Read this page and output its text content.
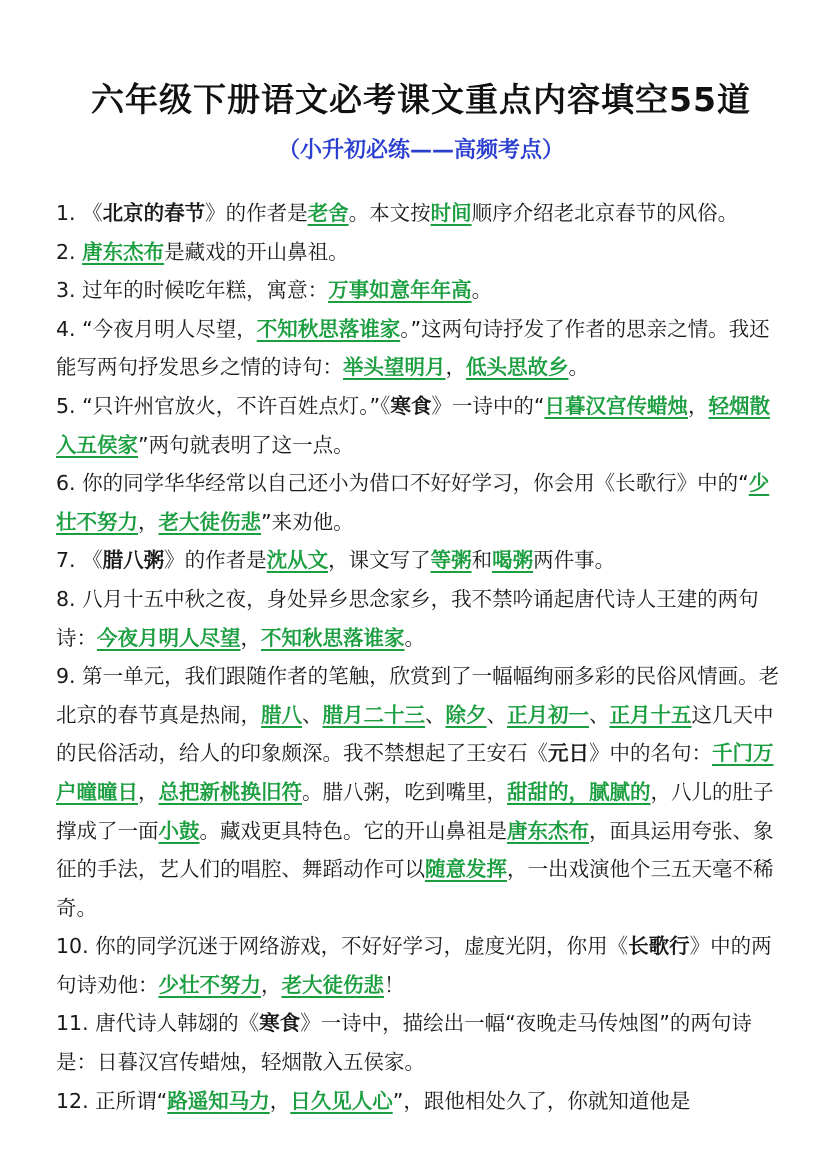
六年级下册语文必考课文重点内容填空55道
（小升初必练——高频考点）

1. 《北京的春节》的作者是老舍。本文按时间顺序介绍老北京春节的风俗。

2. 唐东杰布是藏戏的开山鼻祖。

3. 过年的时候吃年糕，寓意：万事如意年年高。

4. “今夜月明人尽望，不知秋思落谁家。”这两句诗抒发了作者的思亲之情。我还能写两句抒发思乡之情的诗句：举头望明月，低头思故乡。

5. “只许州官放火，不许百姓点灯。”《寒食》一诗中的“日暮汉宫传蜡烛，轻烟散入五侯家”两句就表明了这一点。

6. 你的同学华华经常以自己还小为借口不好好学习，你会用《长歌行》中的“少壮不努力，老大徒伤悲”来劝他。

7. 《腊八粥》的作者是沈从文，课文写了等粥和喝粥两件事。

8. 八月十五中秋之夜，身处异乡思念家乡，我不禁吟诵起唐代诗人王建的两句诗：今夜月明人尽望，不知秋思落谁家。

9. 第一单元，我们跟随作者的笔触，欣赏到了一幅幅绚丽多彩的民俗风情画。老北京的春节真是热闹，腊八、腊月二十三、除夕、正月初一、正月十五这几天中的民俗活动，给人的印象颇深。我不禁想起了王安石《元日》中的名句：千门万户曈曈日，总把新桃换旧符。腊八粥，吃到嘴里，甜甜的，腻腻的，八儿的肚子撑成了一面小鼓。藏戏更具特色。它的开山鼻祖是唐东杰布，面具运用夸张、象征的手法，艺人们的唱腔、舞蹈动作可以随意发挥，一出戏演他个三五天毫不稀奇。

10. 你的同学沉迷于网络游戏，不好好学习，虚度光阴，你用《长歌行》中的两句诗劝他：少壮不努力，老大徒伤悲！

11. 唐代诗人韩翃的《寒食》一诗中，描绘出一幅“夜晚走马传烛图”的两句诗是：日暮汉宫传蜡烛，轻烟散入五侯家。

12. 正所谓“路遥知马力，日久见人心”，跟他相处久了，你就知道他是
